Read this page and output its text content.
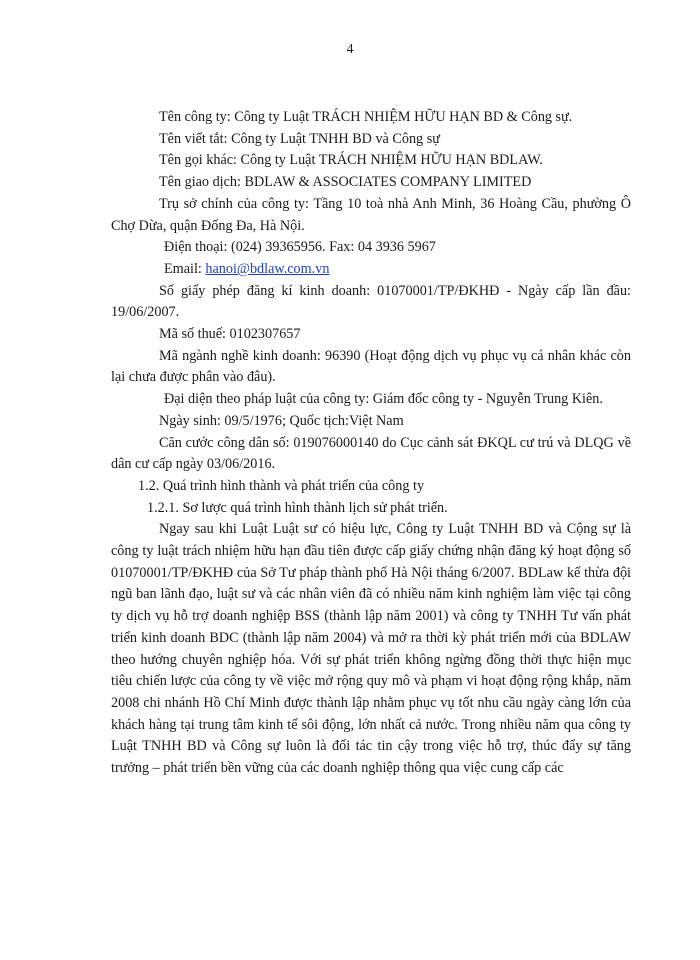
4

Tên công ty: Công ty Luật TRÁCH NHIỆM HỮU HẠN BD & Công sự.

Tên viết tắt: Công ty Luật TNHH BD và Công sự

Tên gọi khác: Công ty Luật TRÁCH NHIỆM HỮU HẠN BDLAW.

Tên giao dịch: BDLAW & ASSOCIATES COMPANY LIMITED

Trụ sở chính của công ty: Tầng 10 toà nhà Anh Minh, 36 Hoàng Cầu, phường Ô Chợ Dừa, quận Đống Đa, Hà Nội.

Điện thoại: (024) 39365956. Fax: 04 3936 5967

Email: hanoi@bdlaw.com.vn

Số giấy phép đăng kí kinh doanh: 01070001/TP/ĐKHĐ - Ngày cấp lần đầu: 19/06/2007.

Mã số thuế: 0102307657

Mã ngành nghề kinh doanh: 96390 (Hoạt động dịch vụ phục vụ cá nhân khác còn lại chưa được phân vào đâu).

Đại diện theo pháp luật của công ty: Giám đốc công ty - Nguyễn Trung Kiên.

Ngày sinh: 09/5/1976; Quốc tịch:Việt Nam

Căn cước công dân số: 019076000140 do Cục cảnh sát ĐKQL cư trú và DLQG về dân cư cấp ngày 03/06/2016.

1.2. Quá trình hình thành và phát triển của công ty

1.2.1. Sơ lược quá trình hình thành lịch sử phát triển.

Ngay sau khi Luật Luật sư có hiệu lực, Công ty Luật TNHH BD và Cộng sự là công ty luật trách nhiệm hữu hạn đầu tiên được cấp giấy chứng nhận đăng ký hoạt động số 01070001/TP/ĐKHĐ của Sở Tư pháp thành phố Hà Nội tháng 6/2007. BDLaw kế thừa đội ngũ ban lãnh đạo, luật sư và các nhân viên đã có nhiều năm kinh nghiệm làm việc tại công ty dịch vụ hỗ trợ doanh nghiệp BSS (thành lập năm 2001) và công ty TNHH Tư vấn phát triển kinh doanh BDC (thành lập năm 2004) và mở ra thời kỳ phát triển mới của BDLAW theo hướng chuyên nghiệp hóa. Với sự phát triển không ngừng đồng thời thực hiện mục tiêu chiến lược của công ty về việc mở rộng quy mô và phạm vi hoạt động rộng khắp, năm 2008 chi nhánh Hồ Chí Minh được thành lập nhằm phục vụ tốt nhu cầu ngày càng lớn của khách hàng tại trung tâm kinh tế sôi động, lớn nhất cả nước. Trong nhiều năm qua công ty Luật TNHH BD và Công sự luôn là đối tác tin cậy trong việc hỗ trợ, thúc đẩy sự tăng trưởng – phát triển bền vững của các doanh nghiệp thông qua việc cung cấp các
